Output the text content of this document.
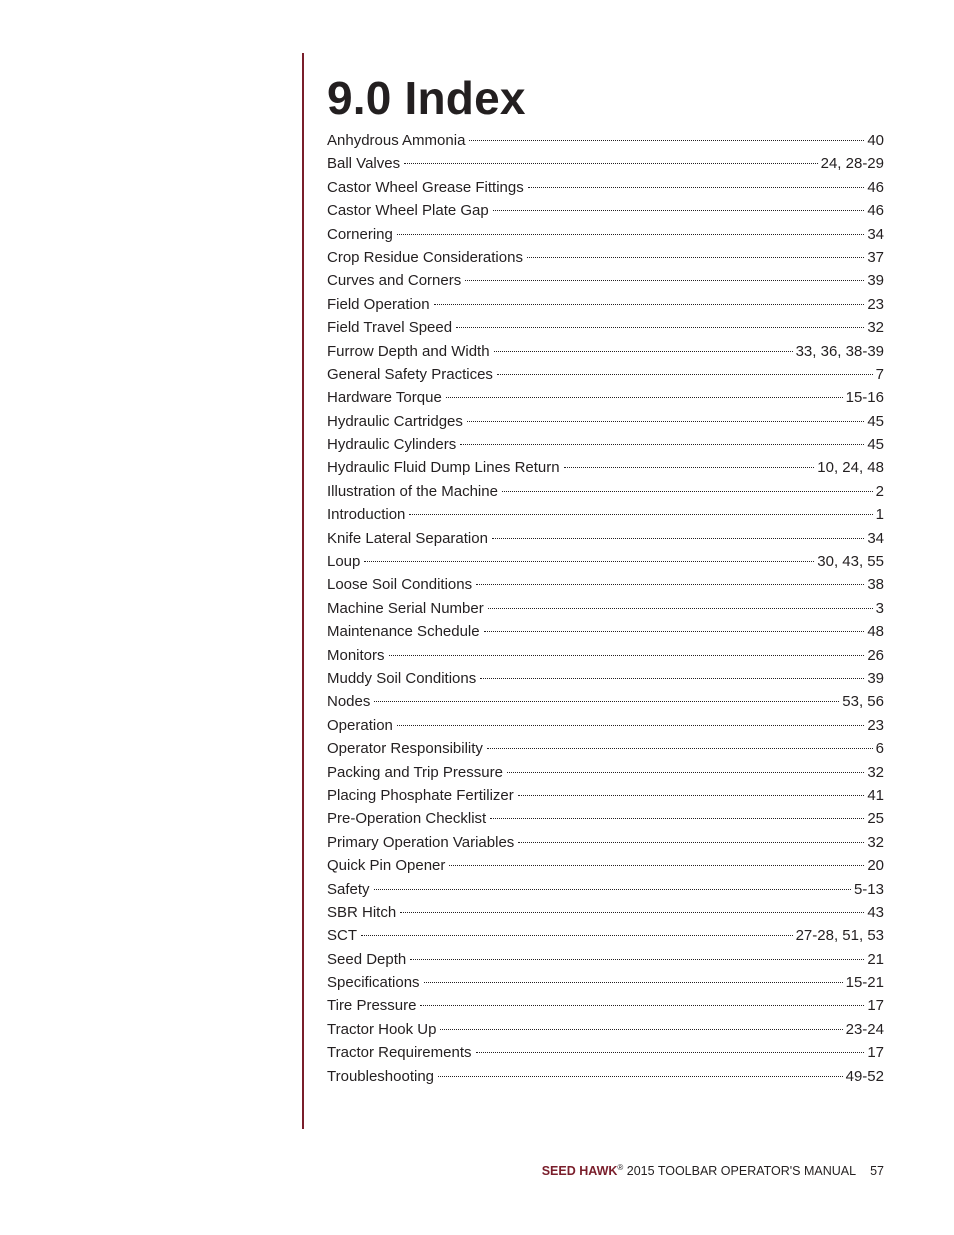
9.0 Index
Anhydrous Ammonia	40
Ball Valves	24, 28-29
Castor Wheel Grease Fittings	46
Castor Wheel Plate Gap	46
Cornering	34
Crop Residue Considerations	37
Curves and Corners	39
Field Operation	23
Field Travel Speed	32
Furrow Depth and Width	33, 36, 38-39
General Safety Practices	7
Hardware Torque	15-16
Hydraulic Cartridges	45
Hydraulic Cylinders	45
Hydraulic Fluid Dump Lines Return	10, 24, 48
Illustration of the Machine	2
Introduction	1
Knife Lateral Separation	34
Loup	30, 43, 55
Loose Soil Conditions	38
Machine Serial Number	3
Maintenance Schedule	48
Monitors	26
Muddy Soil Conditions	39
Nodes	53, 56
Operation	23
Operator Responsibility	6
Packing and Trip Pressure	32
Placing Phosphate Fertilizer	41
Pre-Operation Checklist	25
Primary Operation Variables	32
Quick Pin Opener	20
Safety	5-13
SBR Hitch	43
SCT	27-28, 51, 53
Seed Depth	21
Specifications	15-21
Tire Pressure	17
Tractor Hook Up	23-24
Tractor Requirements	17
Troubleshooting	49-52
SEED HAWK® 2015 TOOLBAR OPERATOR'S MANUAL 57
